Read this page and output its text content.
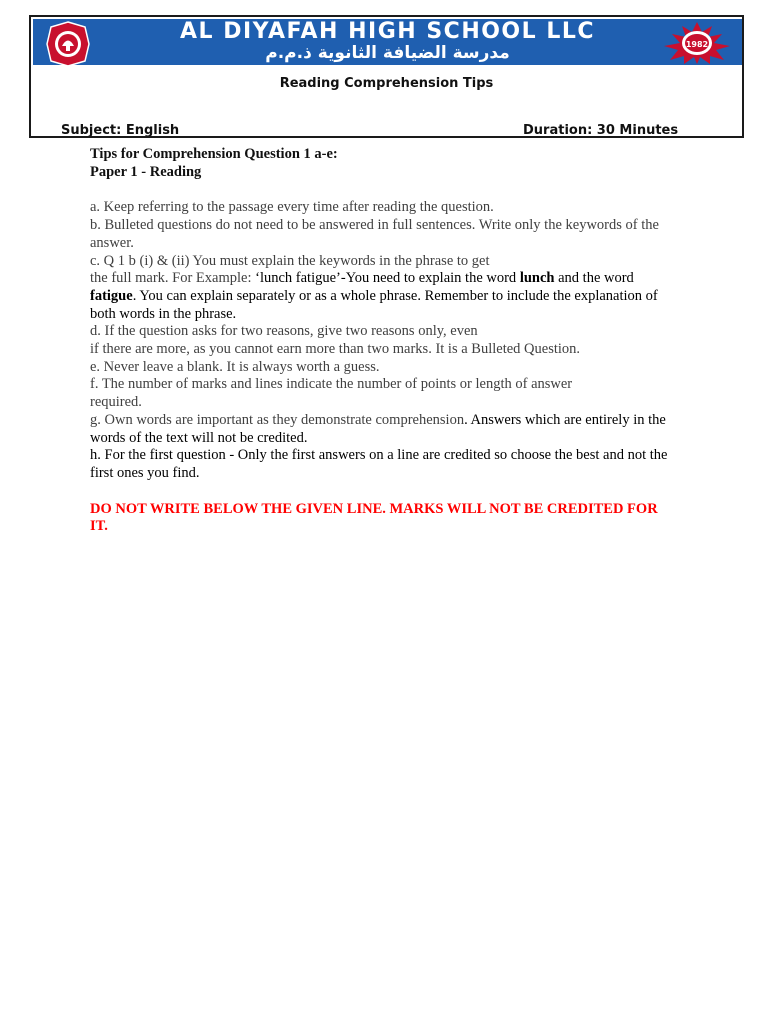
AL DIYAFAH HIGH SCHOOL LLC
مدرسة الضيافة الثانوية ذ.م.م	1982
Reading Comprehension Tips
Subject: English	Duration: 30 Minutes

Tips for Comprehension Question 1 a-e:

Paper 1 - Reading

a. Keep referring to the passage every time after reading the question.

b. Bulleted questions do not need to be answered in full sentences. Write only the keywords of the answer.

c. Q 1 b (i) & (ii) You must explain the keywords in the phrase to get

the full mark. For Example: ‘lunch fatigue’-You need to explain the word lunch and the word fatigue. You can explain separately or as a whole phrase. Remember to include the explanation of both words in the phrase.

d. If the question asks for two reasons, give two reasons only, even

if there are more, as you cannot earn more than two marks. It is a Bulleted Question.

e. Never leave a blank. It is always worth a guess.

f. The number of marks and lines indicate the number of points or length of answer

required.

g. Own words are important as they demonstrate comprehension. Answers which are entirely in the words of the text will not be credited.

h. For the first question - Only the first answers on a line are credited so choose the best and not the first ones you find.

DO NOT WRITE BELOW THE GIVEN LINE. MARKS WILL NOT BE CREDITED FOR IT.
